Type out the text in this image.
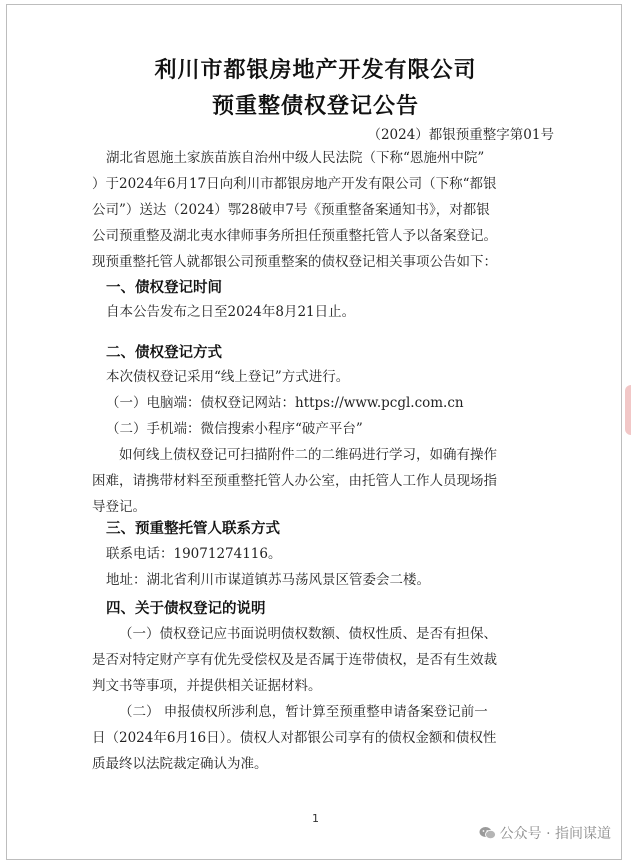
利川市都银房地产开发有限公司
预重整债权登记公告
（2024）都银预重整字第01号
湖北省恩施土家族苗族自治州中级人民法院（下称“恩施州中院”
）于2024年6月17日向利川市都银房地产开发有限公司（下称“都银
公司”）送达（2024）鄂28破申7号《预重整备案通知书》，对都银
公司预重整及湖北夷水律师事务所担任预重整托管人予以备案登记。
现预重整托管人就都银公司预重整案的债权登记相关事项公告如下：
一、债权登记时间
自本公告发布之日至2024年8月21日止。
二、债权登记方式
本次债权登记采用“线上登记”方式进行。
（一）电脑端：债权登记网站：https://www.pcgl.com.cn
（二）手机端：微信搜索小程序“破产平台”
如何线上债权登记可扫描附件二的二维码进行学习，如确有操作
困难，请携带材料至预重整托管人办公室，由托管人工作人员现场指
导登记。
三、预重整托管人联系方式
联系电话：19071274116。
地址：湖北省利川市谋道镇苏马荡风景区管委会二楼。
四、关于债权登记的说明
（一）债权登记应书面说明债权数额、债权性质、是否有担保、
是否对特定财产享有优先受偿权及是否属于连带债权，是否有生效裁
判文书等事项，并提供相关证据材料。
（二） 申报债权所涉利息，暂计算至预重整申请备案登记前一
日（2024年6月16日）。债权人对都银公司享有的债权金额和债权性
质最终以法院裁定确认为准。
1
公众号 · 指间谋道
